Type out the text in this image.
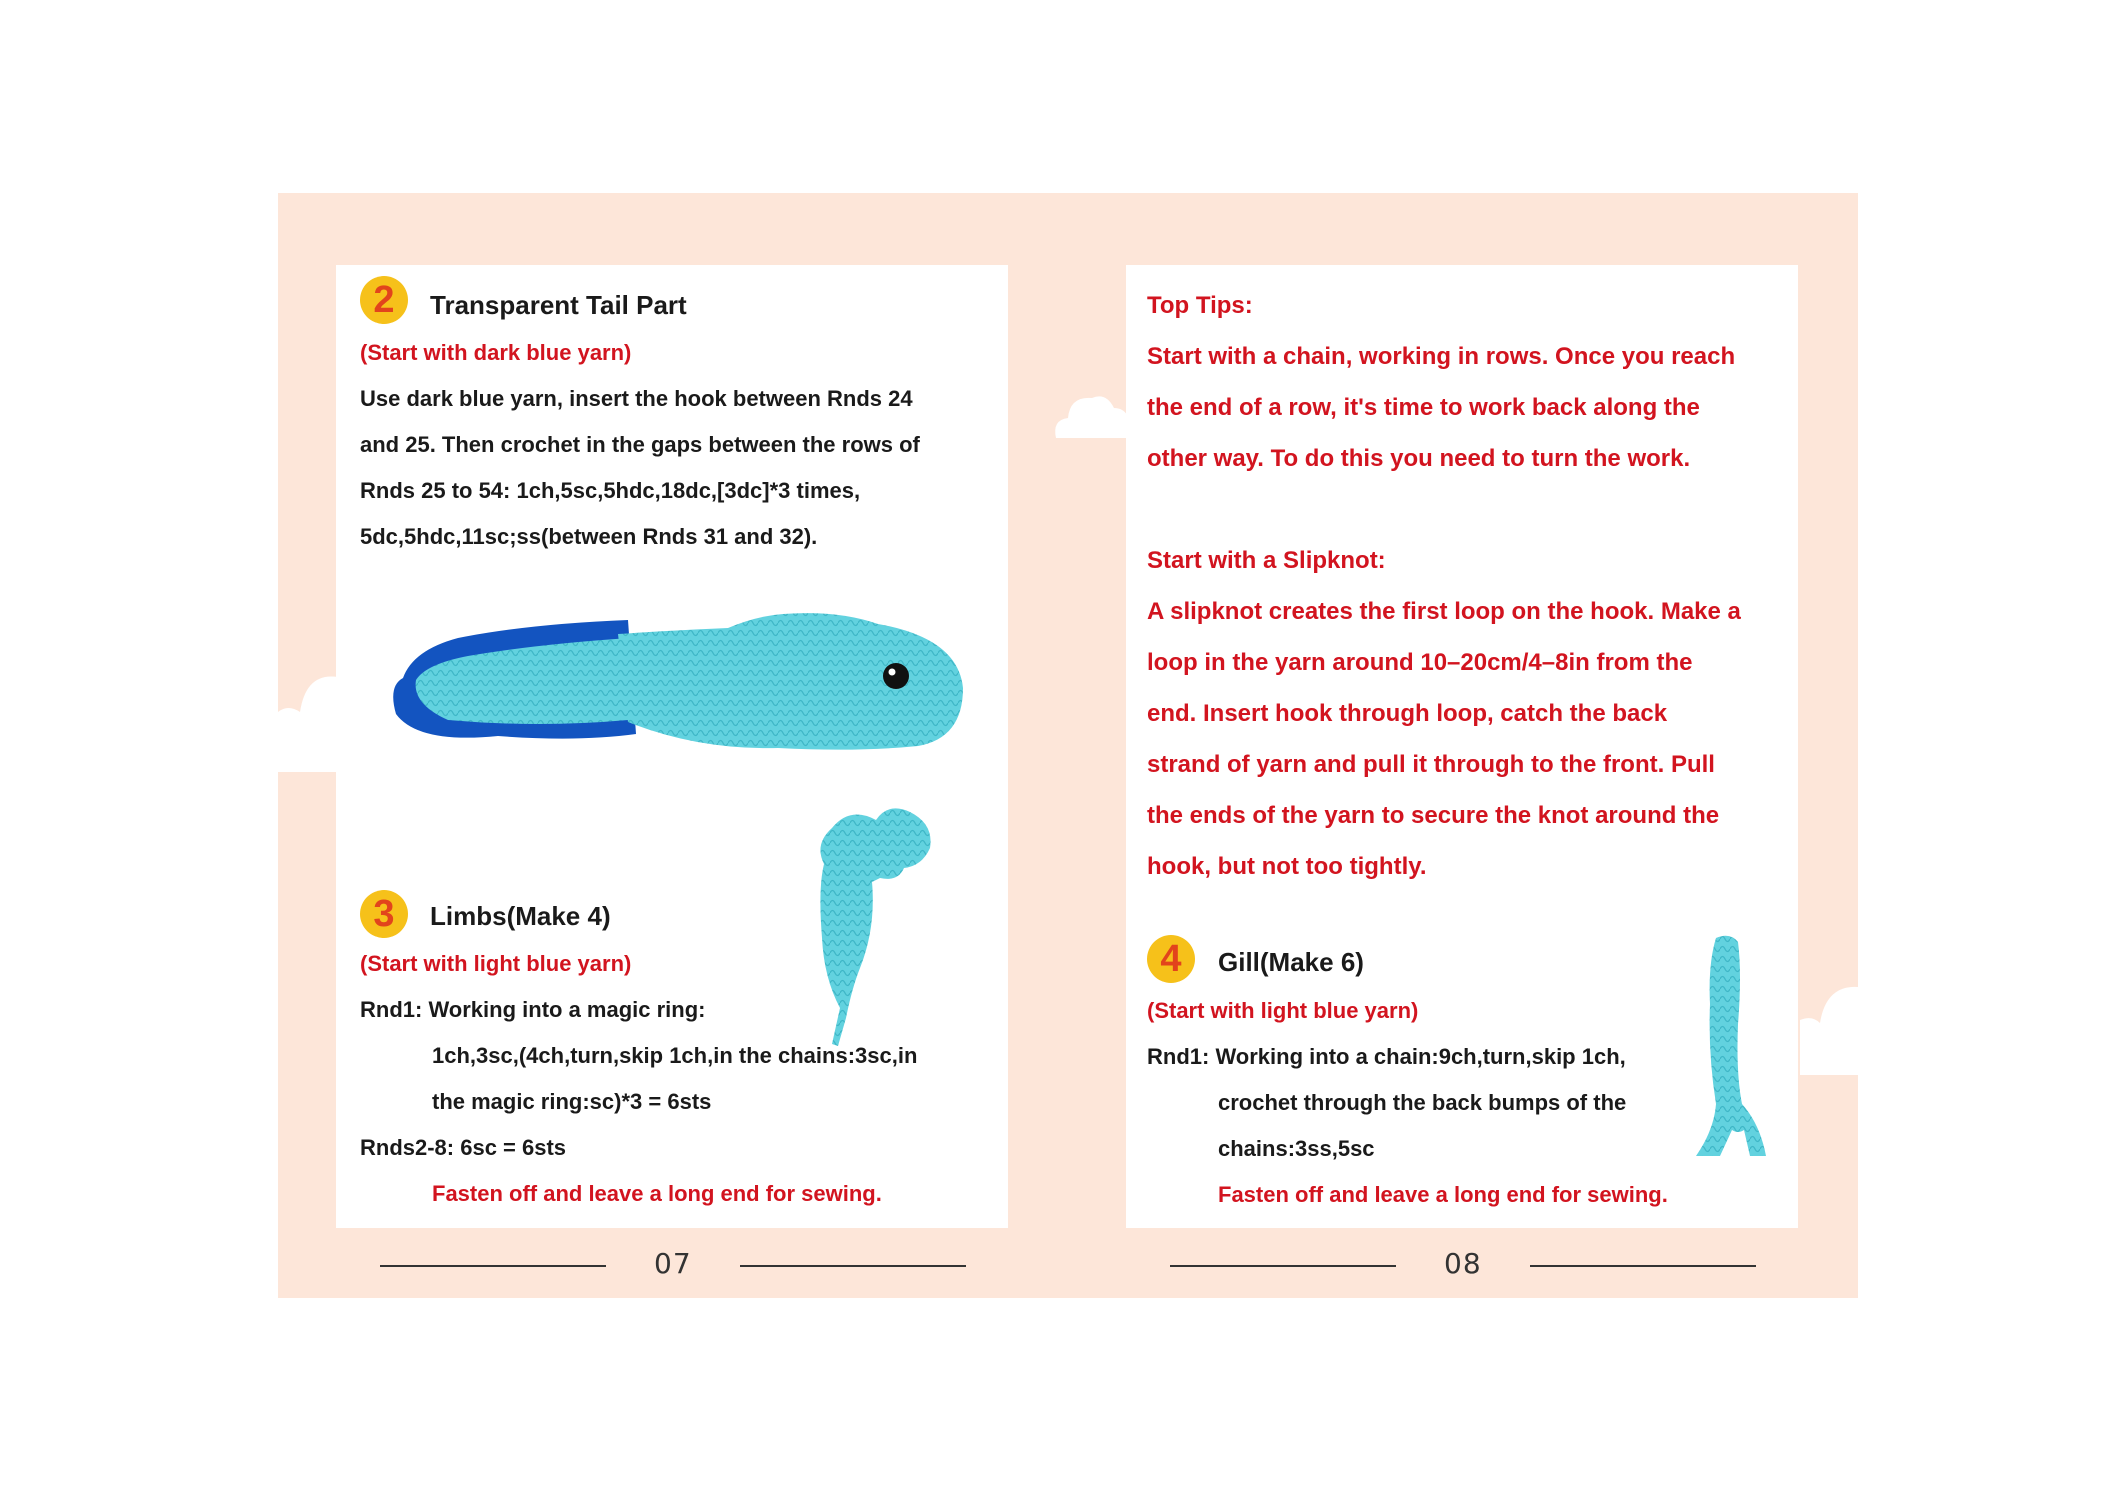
2	Transparent Tail Part
(Start with dark blue yarn)
Use dark blue yarn, insert the hook between Rnds 24
and 25. Then crochet in the gaps between the rows of
Rnds 25 to 54: 1ch,5sc,5hdc,18dc,[3dc]*3 times,
5dc,5hdc,11sc;ss(between Rnds 31 and 32).
3	Limbs(Make 4)
(Start with light blue yarn)
Rnd1: Working into a magic ring:
1ch,3sc,(4ch,turn,skip 1ch,in the chains:3sc,in
the magic ring:sc)*3 = 6sts
Rnds2-8: 6sc = 6sts
Fasten off and leave a long end for sewing.
07
Top Tips:
Start with a chain, working in rows. Once you reach
the end of a row, it's time to work back along the
other way. To do this you need to turn the work.
Start with a Slipknot:
A slipknot creates the first loop on the hook. Make a
loop in the yarn around 10–20cm/4–8in from the
end. Insert hook through loop, catch the back
strand of yarn and pull it through to the front. Pull
the ends of the yarn to secure the knot around the
hook, but not too tightly.
4	Gill(Make 6)
(Start with light blue yarn)
Rnd1: Working into a chain:9ch,turn,skip 1ch,
crochet through the back bumps of the
chains:3ss,5sc
Fasten off and leave a long end for sewing.
08
